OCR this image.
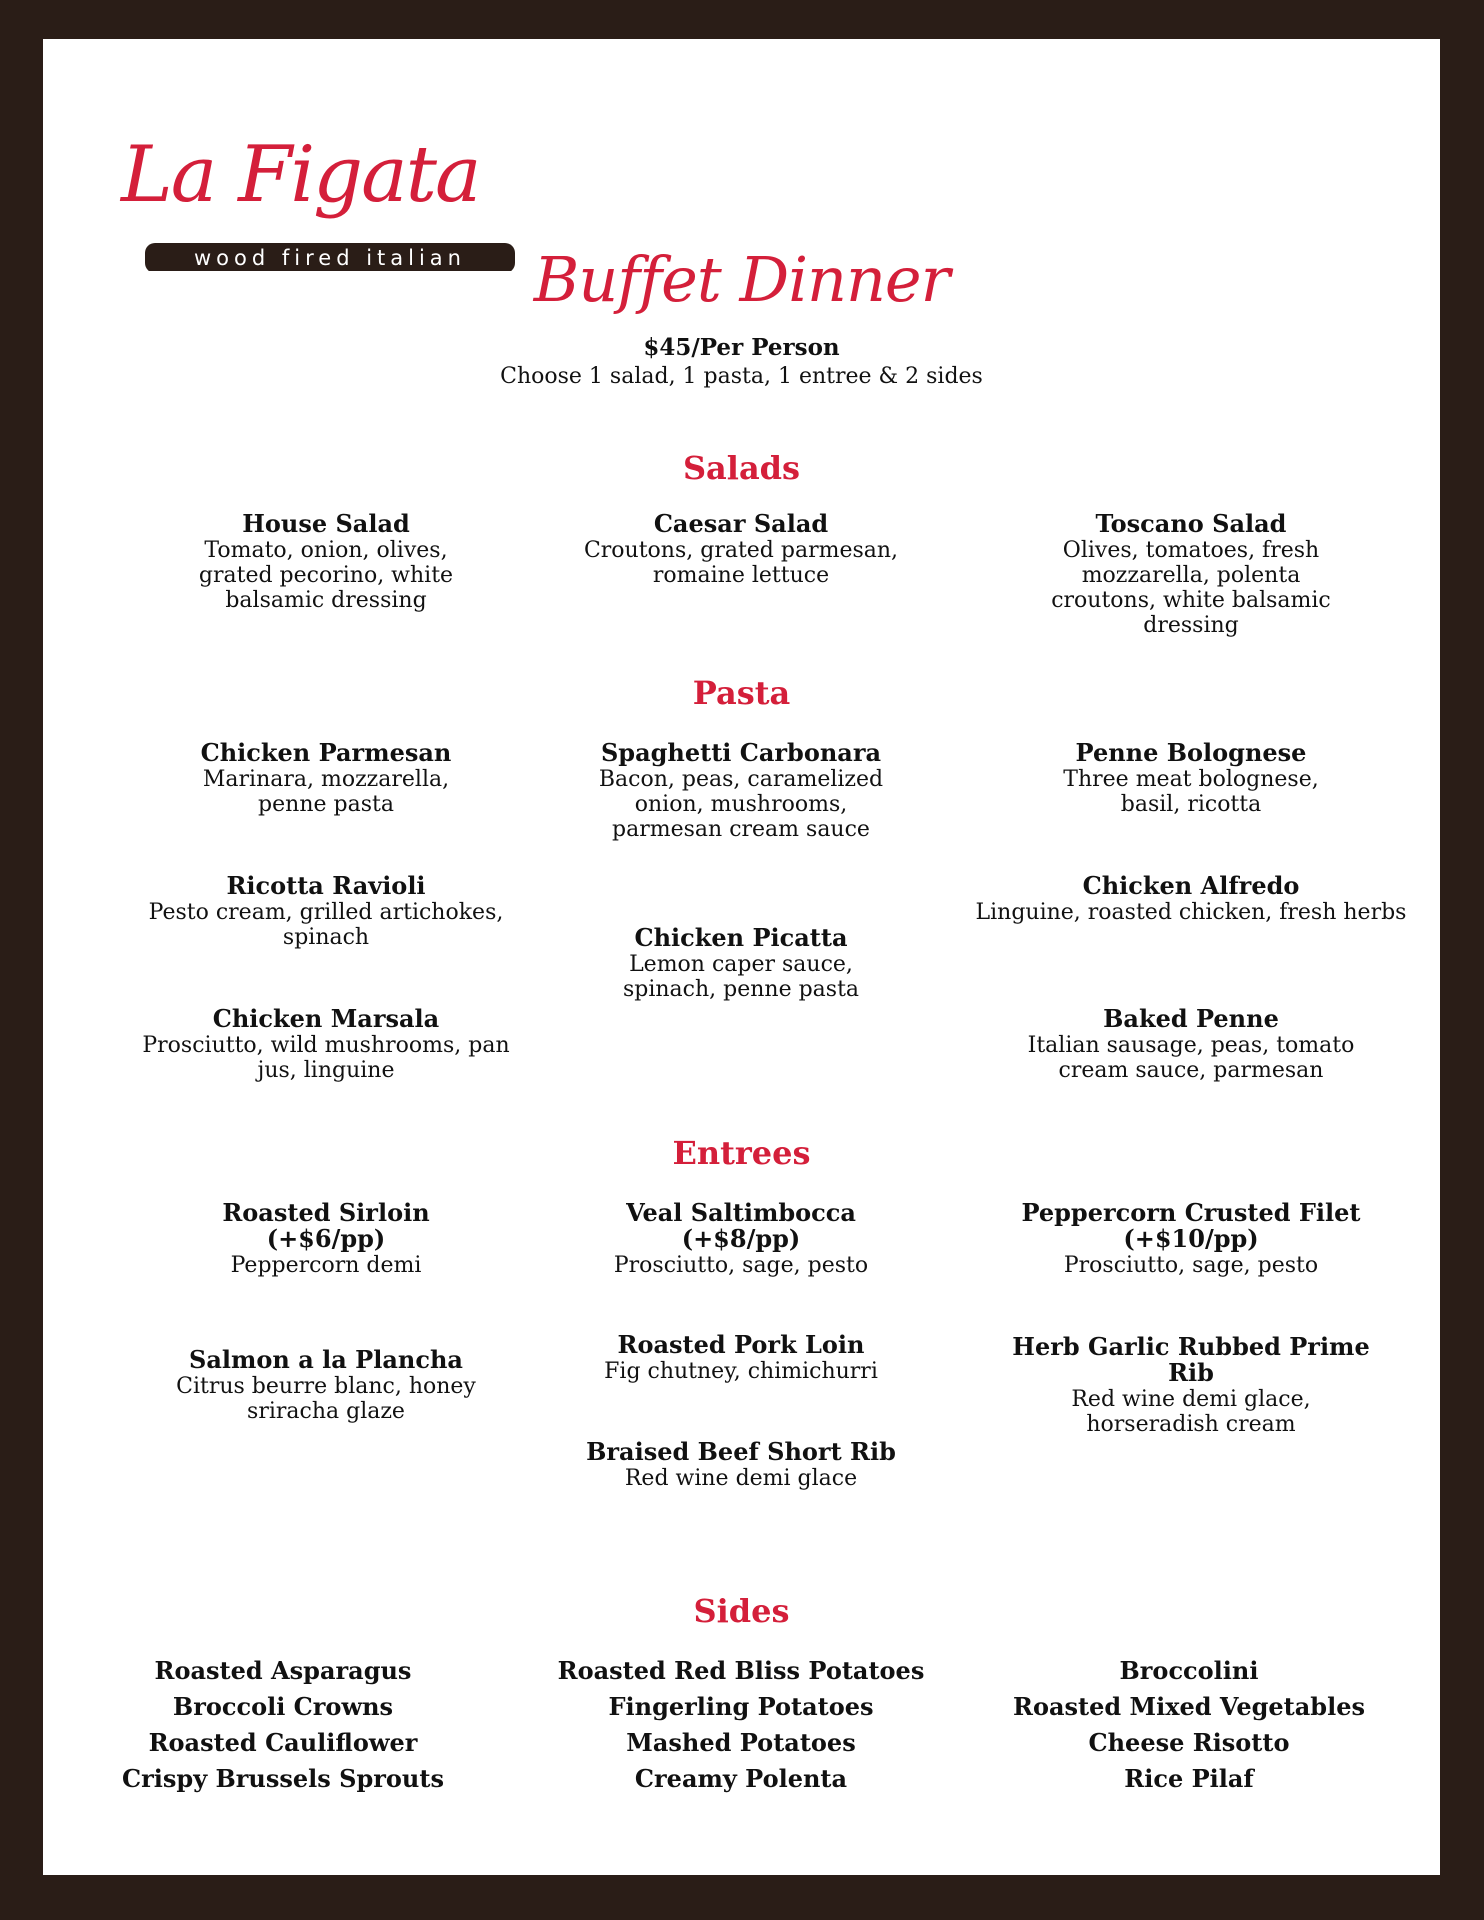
La Figata
wood fired italian	Buffet Dinner
$45/Per Person
Choose 1 salad, 1 pasta, 1 entree & 2 sides
Salads
House Salad
Tomato, onion, olives, grated pecorino, white balsamic dressing
Caesar Salad
Croutons, grated parmesan, romaine lettuce
Toscano Salad
Olives, tomatoes, fresh mozzarella, polenta croutons, white balsamic dressing
Pasta
Chicken Parmesan
Marinara, mozzarella, penne pasta
Spaghetti Carbonara
Bacon, peas, caramelized onion, mushrooms, parmesan cream sauce
Penne Bolognese
Three meat bolognese, basil, ricotta
Ricotta Ravioli
Pesto cream, grilled artichokes, spinach	Chicken Picatta
Lemon caper sauce, spinach, penne pasta
Chicken Alfredo
Linguine, roasted chicken, fresh herbs
Chicken Marsala
Prosciutto, wild mushrooms, pan jus, linguine
Baked Penne
Italian sausage, peas, tomato cream sauce, parmesan
Entrees
Roasted Sirloin
(+$6/pp)
Peppercorn demi
Veal Saltimbocca
(+$8/pp)
Prosciutto, sage, pesto
Peppercorn Crusted Filet
(+$10/pp)
Prosciutto, sage, pesto
Salmon a la Plancha
Citrus beurre blanc, honey sriracha glaze
Roasted Pork Loin
Fig chutney, chimichurri
Herb Garlic Rubbed Prime Rib
Red wine demi glace, horseradish cream
Braised Beef Short Rib
Red wine demi glace
Sides
Roasted Asparagus
Broccoli Crowns
Roasted Cauliflower
Crispy Brussels Sprouts
Roasted Red Bliss Potatoes
Fingerling Potatoes
Mashed Potatoes
Creamy Polenta
Broccolini
Roasted Mixed Vegetables
Cheese Risotto
Rice Pilaf
